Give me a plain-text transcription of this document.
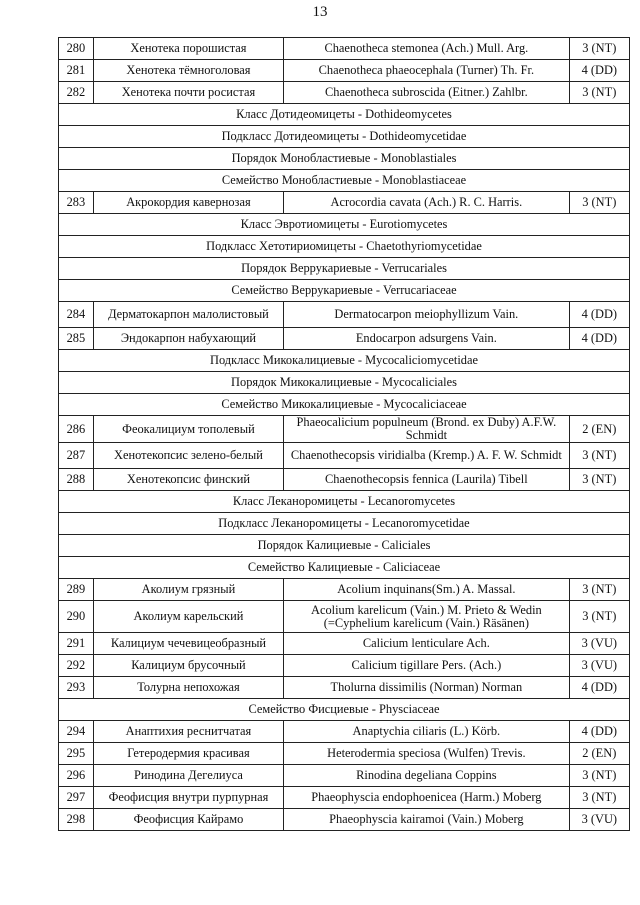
13
280	Хенотека порошистая	Chaenotheca stemonea (Ach.) Mull. Arg.	3 (NT)
281	Хенотека тёмноголовая	Chaenotheca phaeocephala (Turner) Th. Fr.	4 (DD)
282	Хенотека почти росистая	Chaenotheca subroscida (Eitner.) Zahlbr.	3 (NT)
Класс Дотидеомицеты - Dothideomycetes			
Подкласс Дотидеомицеты - Dothideomycetidae			
Порядок Монобластиевые - Monoblastiales			
Семейство Монобластиевые - Monoblastiaceae			
283	Акрокордия кавернозая	Acrocordia cavata (Ach.) R. C. Harris.	3 (NT)
Класс Эвротиомицеты - Eurotiomycetes			
Подкласс Хетотириомицеты - Chaetothyriomycetidae			
Порядок Веррукариевые - Verrucariales			
Семейство Веррукариевые - Verrucariaceae			
284	Дерматокарпон малолистовый	Dermatocarpon meiophyllizum Vain.	4 (DD)
285	Эндокарпон набухающий	Endocarpon adsurgens Vain.	4 (DD)
Подкласс Микокалициевые - Mycocaliciomycetidae			
Порядок Микокалициевые - Mycocaliciales			
Семейство Микокалициевые - Mycocaliciaceae			
286	Феокалициум тополевый	Phaeocalicium populneum (Brond. ex Duby) A.F.W. Schmidt	2 (EN)
287	Хенотекопсис зелено-белый	Chaenothecopsis viridialba (Kremp.) A. F. W. Schmidt	3 (NT)
288	Хенотекопсис финский	Chaenothecopsis fennica (Laurila) Tibell	3 (NT)
Класс Леканоромицеты - Lecanoromycetes			
Подкласс Леканоромицеты - Lecanoromycetidae			
Порядок Калициевые - Caliciales			
Семейство Калициевые - Caliciaceae			
289	Аколиум грязный	Acolium inquinans(Sm.) A. Massal.	3 (NT)
290	Аколиум карельский	Acolium karelicum (Vain.) M. Prieto & Wedin (=Cyphelium karelicum (Vain.) Räsänen)	3 (NT)
291	Калициум чечевицеобразный	Calicium lenticulare Ach.	3 (VU)
292	Калициум брусочный	Calicium tigillare Pers. (Ach.)	3 (VU)
293	Толурна непохожая	Tholurna dissimilis (Norman) Norman	4 (DD)
Семейство Фисциевые - Physciaceae			
294	Анаптихия реснитчатая	Anaptychia ciliaris (L.) Körb.	4 (DD)
295	Гетеродермия красивая	Heterodermia speciosa (Wulfen) Trevis.	2 (EN)
296	Ринодина Дегелиуса	Rinodina degeliana Coppins	3 (NT)
297	Феофисция внутри пурпурная	Phaeophyscia endophoenicea (Harm.) Moberg	3 (NT)
298	Феофисция Кайрамо	Phaeophyscia kairamoi (Vain.) Moberg	3 (VU)
